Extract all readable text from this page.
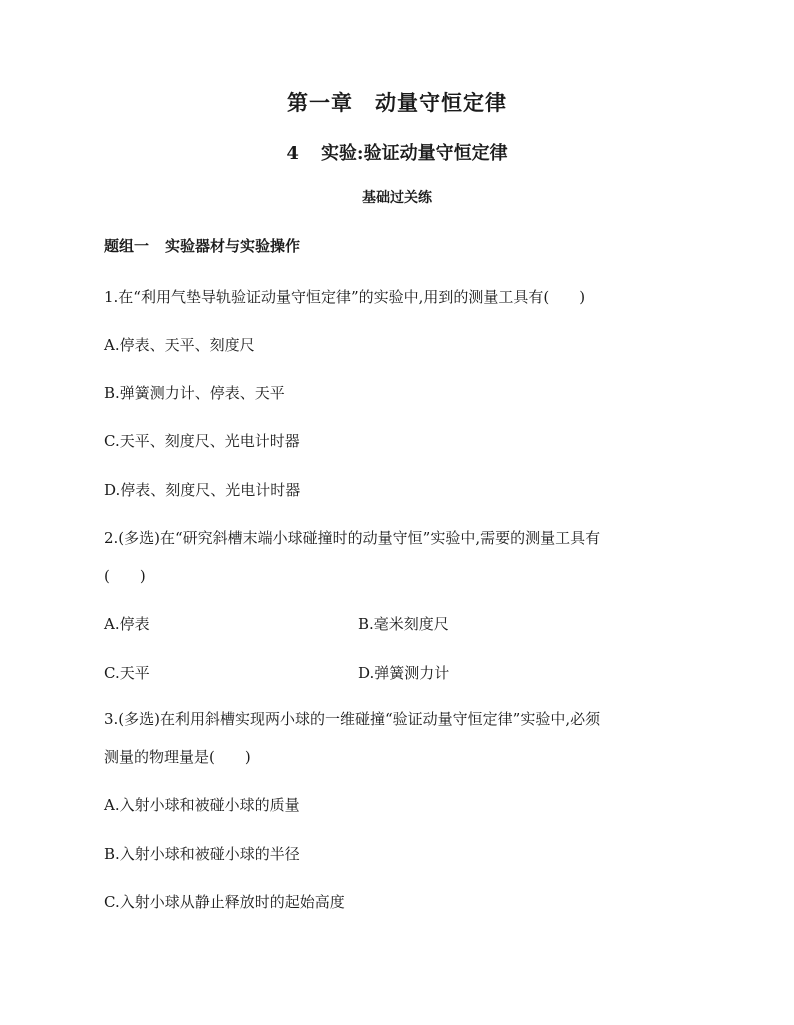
第一章 动量守恒定律
4 实验:验证动量守恒定律
基础过关练
题组一 实验器材与实验操作
1.在“利用气垫导轨验证动量守恒定律”的实验中,用到的测量工具有(　　)
A.停表、天平、刻度尺
B.弹簧测力计、停表、天平
C.天平、刻度尺、光电计时器
D.停表、刻度尺、光电计时器
2.(多选)在“研究斜槽末端小球碰撞时的动量守恒”实验中,需要的测量工具有
(　　)
A.停表	B.毫米刻度尺
C.天平	D.弹簧测力计
3.(多选)在利用斜槽实现两小球的一维碰撞“验证动量守恒定律”实验中,必须
测量的物理量是(　　)
A.入射小球和被碰小球的质量
B.入射小球和被碰小球的半径
C.入射小球从静止释放时的起始高度
